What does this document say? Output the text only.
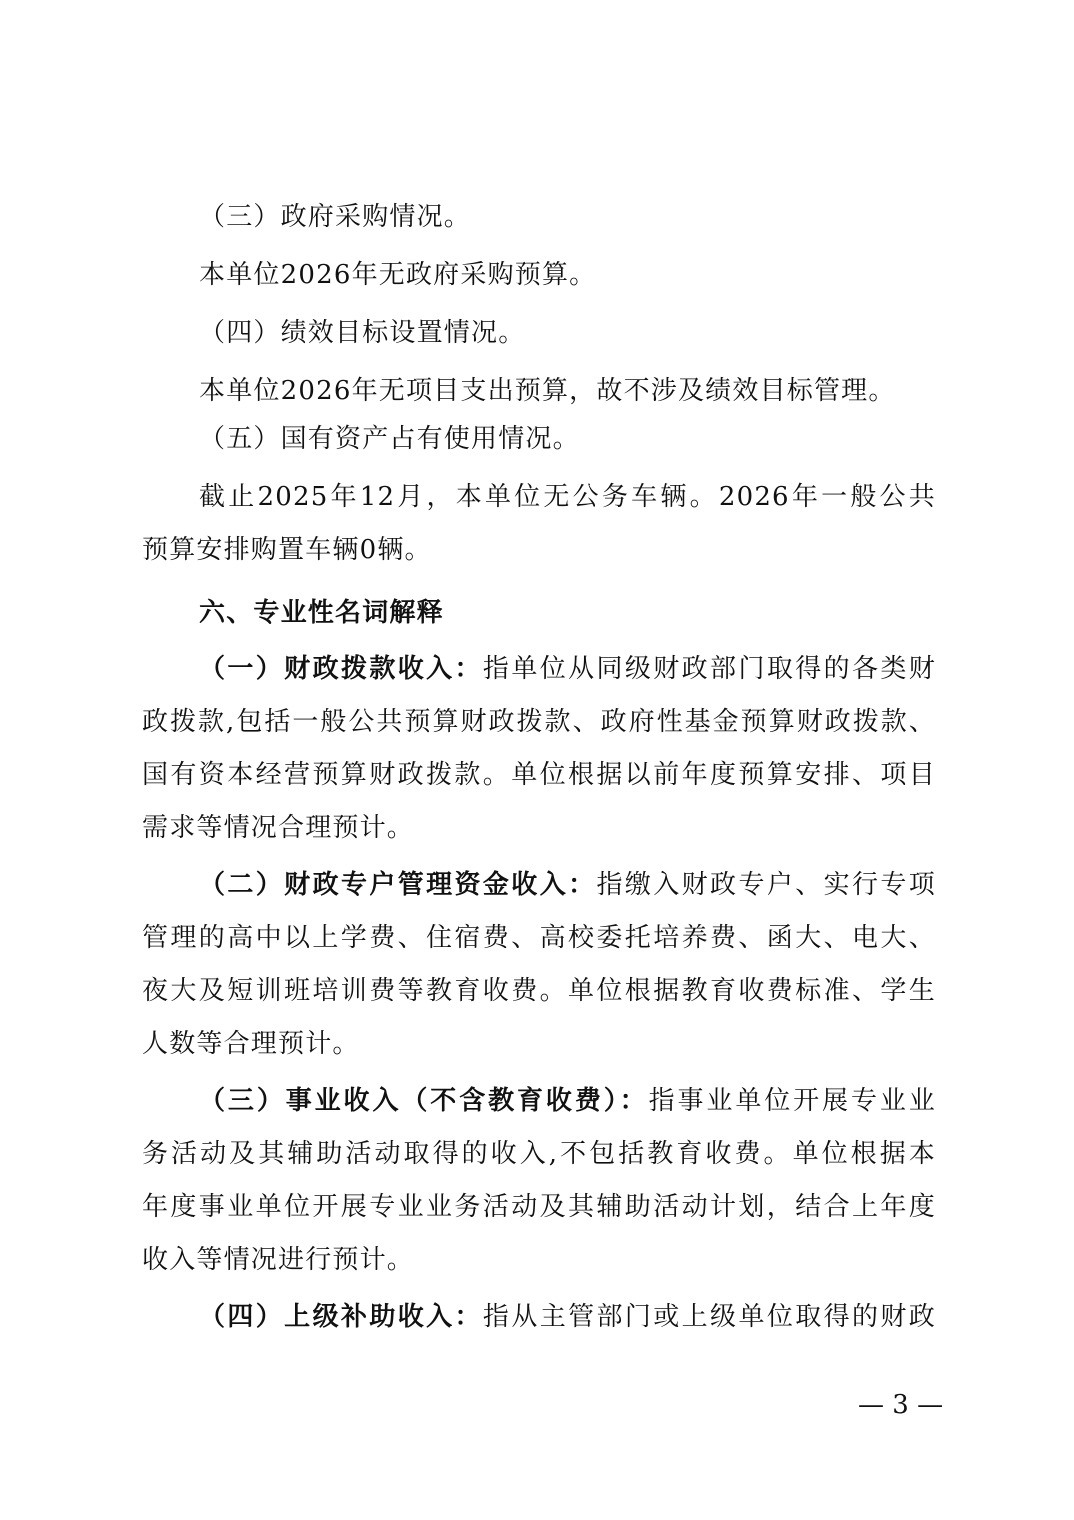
（三）政府采购情况。
本单位2026年无政府采购预算。
（四）绩效目标设置情况。
本单位2026年无项目支出预算，故不涉及绩效目标管理。
（五）国有资产占有使用情况。
截止2025年12月，本单位无公务车辆。2026年一般公共
预算安排购置车辆0辆。
六、专业性名词解释
（一）财政拨款收入：指单位从同级财政部门取得的各类财
政拨款,包括一般公共预算财政拨款、政府性基金预算财政拨款、
国有资本经营预算财政拨款。单位根据以前年度预算安排、项目
需求等情况合理预计。
（二）财政专户管理资金收入：指缴入财政专户、实行专项
管理的高中以上学费、住宿费、高校委托培养费、函大、电大、
夜大及短训班培训费等教育收费。单位根据教育收费标准、学生
人数等合理预计。
（三）事业收入（不含教育收费）：指事业单位开展专业业
务活动及其辅助活动取得的收入,不包括教育收费。单位根据本
年度事业单位开展专业业务活动及其辅助活动计划，结合上年度
收入等情况进行预计。
（四）上级补助收入：指从主管部门或上级单位取得的财政
— 3 —
